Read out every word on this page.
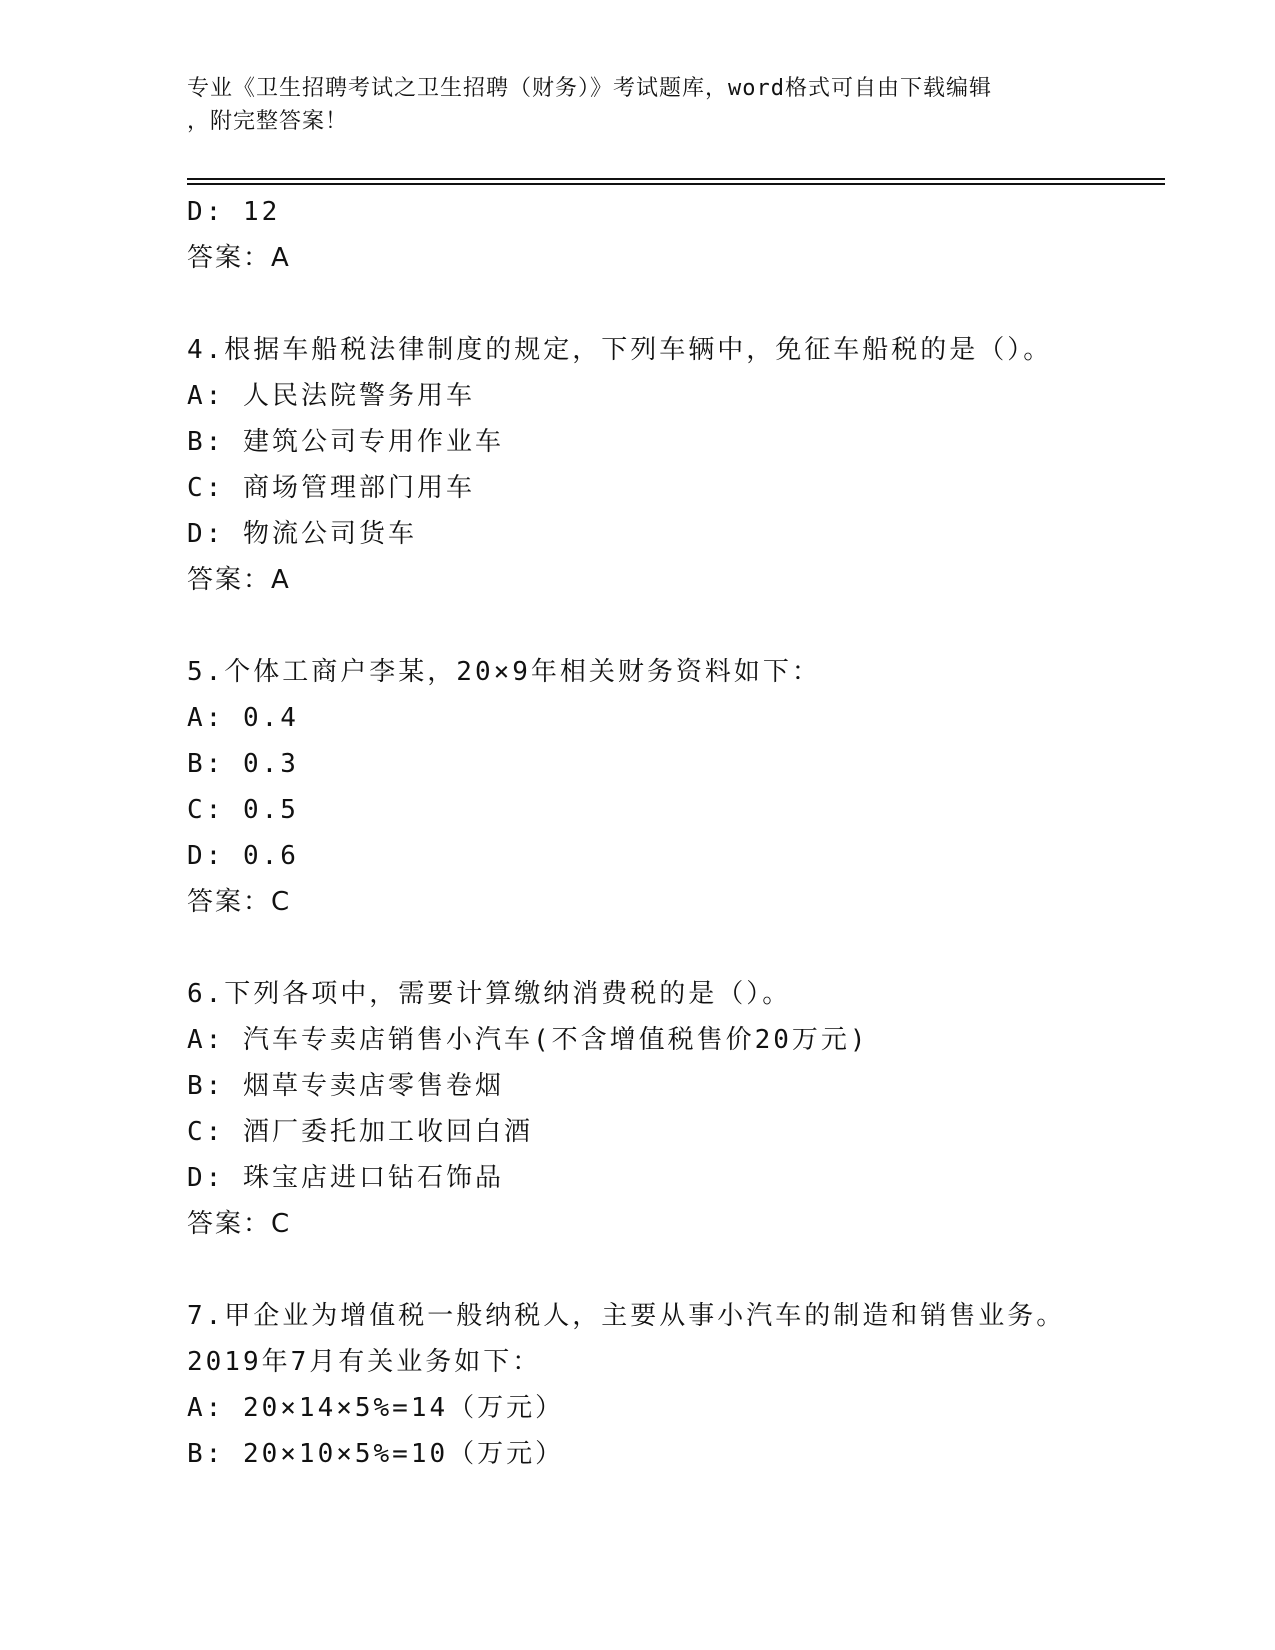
专业《卫生招聘考试之卫生招聘（财务）》考试题库，word格式可自由下载编辑
，附完整答案！
D: 12
答案：A
4.根据车船税法律制度的规定，下列车辆中，免征车船税的是（）。
A: 人民法院警务用车
B: 建筑公司专用作业车
C: 商场管理部门用车
D: 物流公司货车
答案：A
5.个体工商户李某，20×9年相关财务资料如下：
A: 0.4
B: 0.3
C: 0.5
D: 0.6
答案：C
6.下列各项中，需要计算缴纳消费税的是（）。
A: 汽车专卖店销售小汽车(不含增值税售价20万元)
B: 烟草专卖店零售卷烟
C: 酒厂委托加工收回白酒
D: 珠宝店进口钻石饰品
答案：C
7.甲企业为增值税一般纳税人，主要从事小汽车的制造和销售业务。
2019年7月有关业务如下：
A: 20×14×5%=14（万元）
B: 20×10×5%=10（万元）
